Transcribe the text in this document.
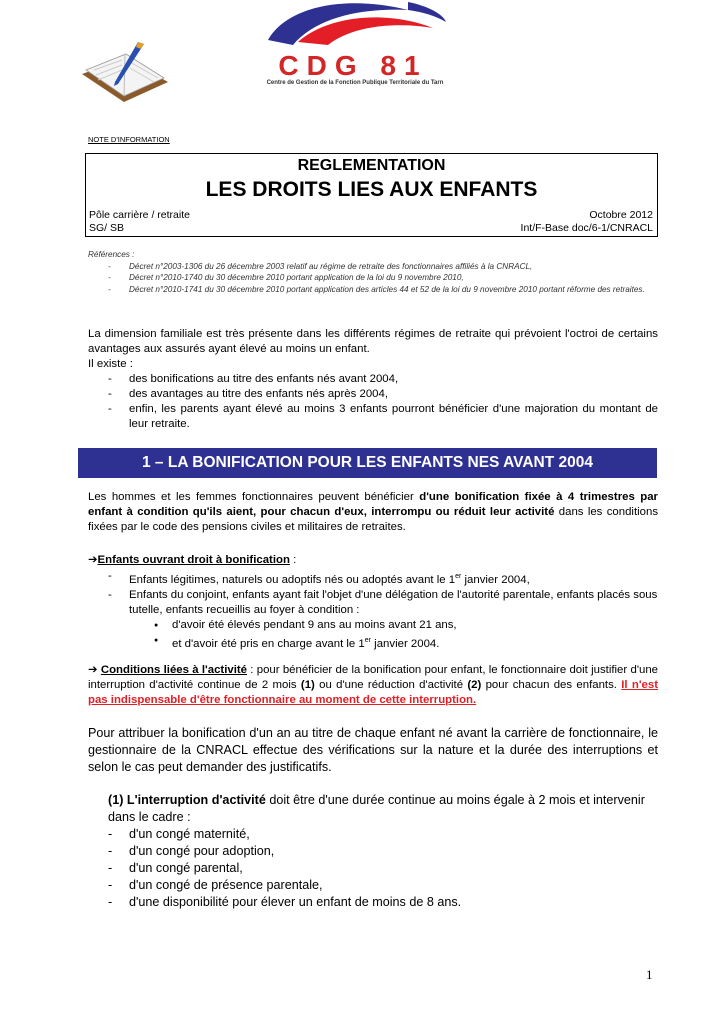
CDG 81
Centre de Gestion de la Fonction Publique Territoriale du Tarn
NOTE D'INFORMATION
REGLEMENTATION
LES DROITS LIES AUX ENFANTS
Pôle carrière / retraite	Octobre 2012
SG/ SB	Int/F-Base doc/6-1/CNRACL
Références :
- Décret n°2003-1306 du 26 décembre 2003 relatif au régime de retraite des fonctionnaires affiliés à la CNRACL,
- Décret n°2010-1740 du 30 décembre 2010 portant application de la loi du 9 novembre 2010,
- Décret n°2010-1741 du 30 décembre 2010 portant application des articles 44 et 52 de la loi du 9 novembre 2010 portant réforme des retraites.
La dimension familiale est très présente dans les différents régimes de retraite qui prévoient l'octroi de certains avantages aux assurés ayant élevé au moins un enfant.
Il existe :
- des bonifications au titre des enfants nés avant 2004,
- des avantages au titre des enfants nés après 2004,
- enfin, les parents ayant élevé au moins 3 enfants pourront bénéficier d'une majoration du montant de leur retraite.
1 – LA BONIFICATION POUR LES ENFANTS NES AVANT 2004
Les hommes et les femmes fonctionnaires peuvent bénéficier d'une bonification fixée à 4 trimestres par enfant à condition qu'ils aient, pour chacun d'eux, interrompu ou réduit leur activité dans les conditions fixées par le code des pensions civiles et militaires de retraites.
➔Enfants ouvrant droit à bonification :
- Enfants légitimes, naturels ou adoptifs nés ou adoptés avant le 1er janvier 2004,
- Enfants du conjoint, enfants ayant fait l'objet d'une délégation de l'autorité parentale, enfants placés sous tutelle, enfants recueillis au foyer à condition :
● d'avoir été élevés pendant 9 ans au moins avant 21 ans,
● et d'avoir été pris en charge avant le 1er janvier 2004.
➔ Conditions liées à l'activité : pour bénéficier de la bonification pour enfant, le fonctionnaire doit justifier d'une interruption d'activité continue de 2 mois (1) ou d'une réduction d'activité (2) pour chacun des enfants. Il n'est pas indispensable d'être fonctionnaire au moment de cette interruption.
Pour attribuer la bonification d'un an au titre de chaque enfant né avant la carrière de fonctionnaire, le gestionnaire de la CNRACL effectue des vérifications sur la nature et la durée des interruptions et selon le cas peut demander des justificatifs.
(1) L'interruption d'activité doit être d'une durée continue au moins égale à 2 mois et intervenir dans le cadre :
- d'un congé maternité,
- d'un congé pour adoption,
- d'un congé parental,
- d'un congé de présence parentale,
- d'une disponibilité pour élever un enfant de moins de 8 ans.
1
